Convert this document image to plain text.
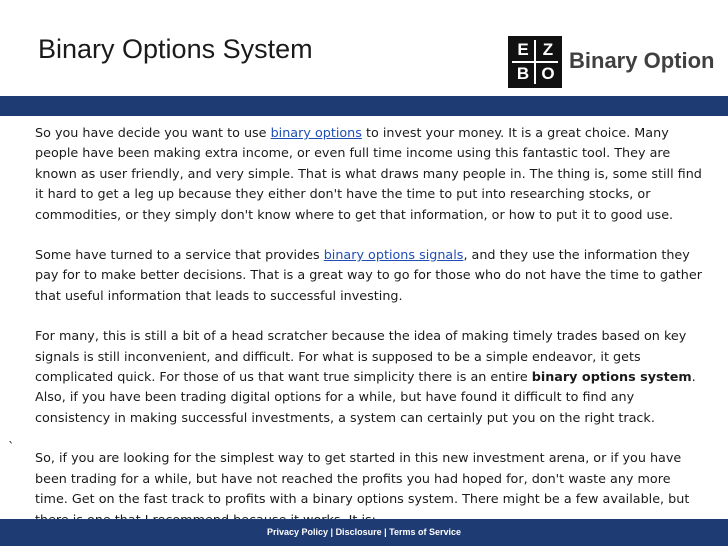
Binary Options System	E Z
B O
Binary Option

So you have decide you want to use binary options to invest your money. It is a great choice. Many people have been making extra income, or even full time income using this fantastic tool. They are known as user friendly, and very simple. That is what draws many people in. The thing is, some still find it hard to get a leg up because they either don't have the time to put into researching stocks, or commodities, or they simply don't know where to get that information, or how to put it to good use.

Some have turned to a service that provides binary options signals, and they use the information they pay for to make better decisions. That is a great way to go for those who do not have the time to gather that useful information that leads to successful investing.

For many, this is still a bit of a head scratcher because the idea of making timely trades based on key signals is still inconvenient, and difficult. For what is supposed to be a simple endeavor, it gets complicated quick. For those of us that want true simplicity there is an entire binary options system. Also, if you have been trading digital options for a while, but have found it difficult to find any consistency in making successful investments, a system can certainly put you on the right track.

So, if you are looking for the simplest way to get started in this new investment arena, or if you have been trading for a while, but have not reached the profits you had hoped for, don't waste any more time. Get on the fast track to profits with a binary options system. There might be a few available, but

`
Privacy Policy | Disclosure | Terms of Service
